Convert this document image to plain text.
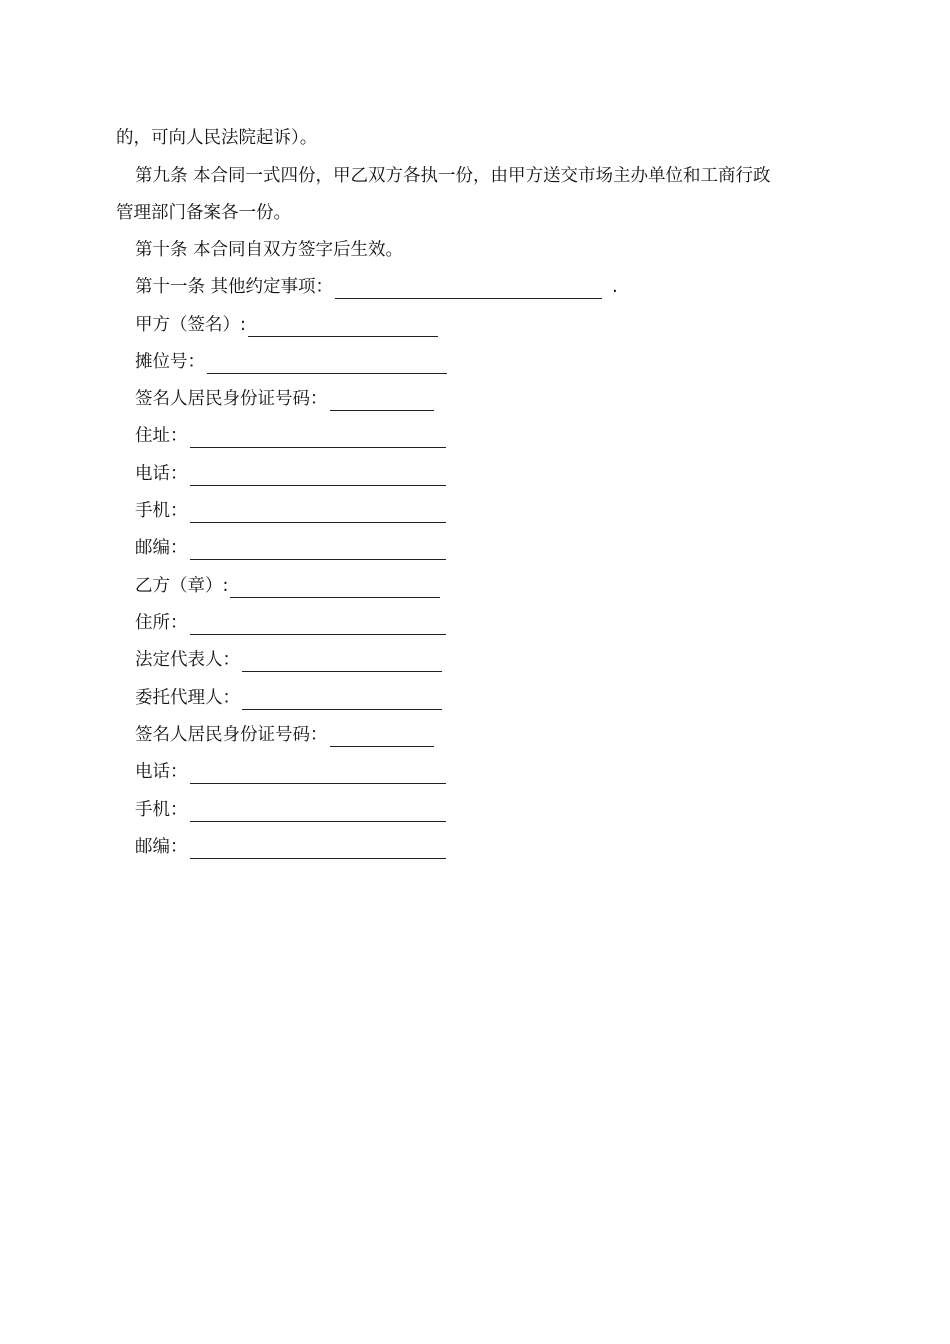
的，可向人民法院起诉）。
第九条 本合同一式四份，甲乙双方各执一份，由甲方送交市场主办单位和工商行政
管理部门备案各一份。
第十条 本合同自双方签字后生效。
第十一条 其他约定事项：	.
甲方（签名）:
摊位号：
签名人居民身份证号码：
住址：
电话：
手机：
邮编：
乙方（章）:
住所：
法定代表人：
委托代理人：
签名人居民身份证号码：
电话：
手机：
邮编：
